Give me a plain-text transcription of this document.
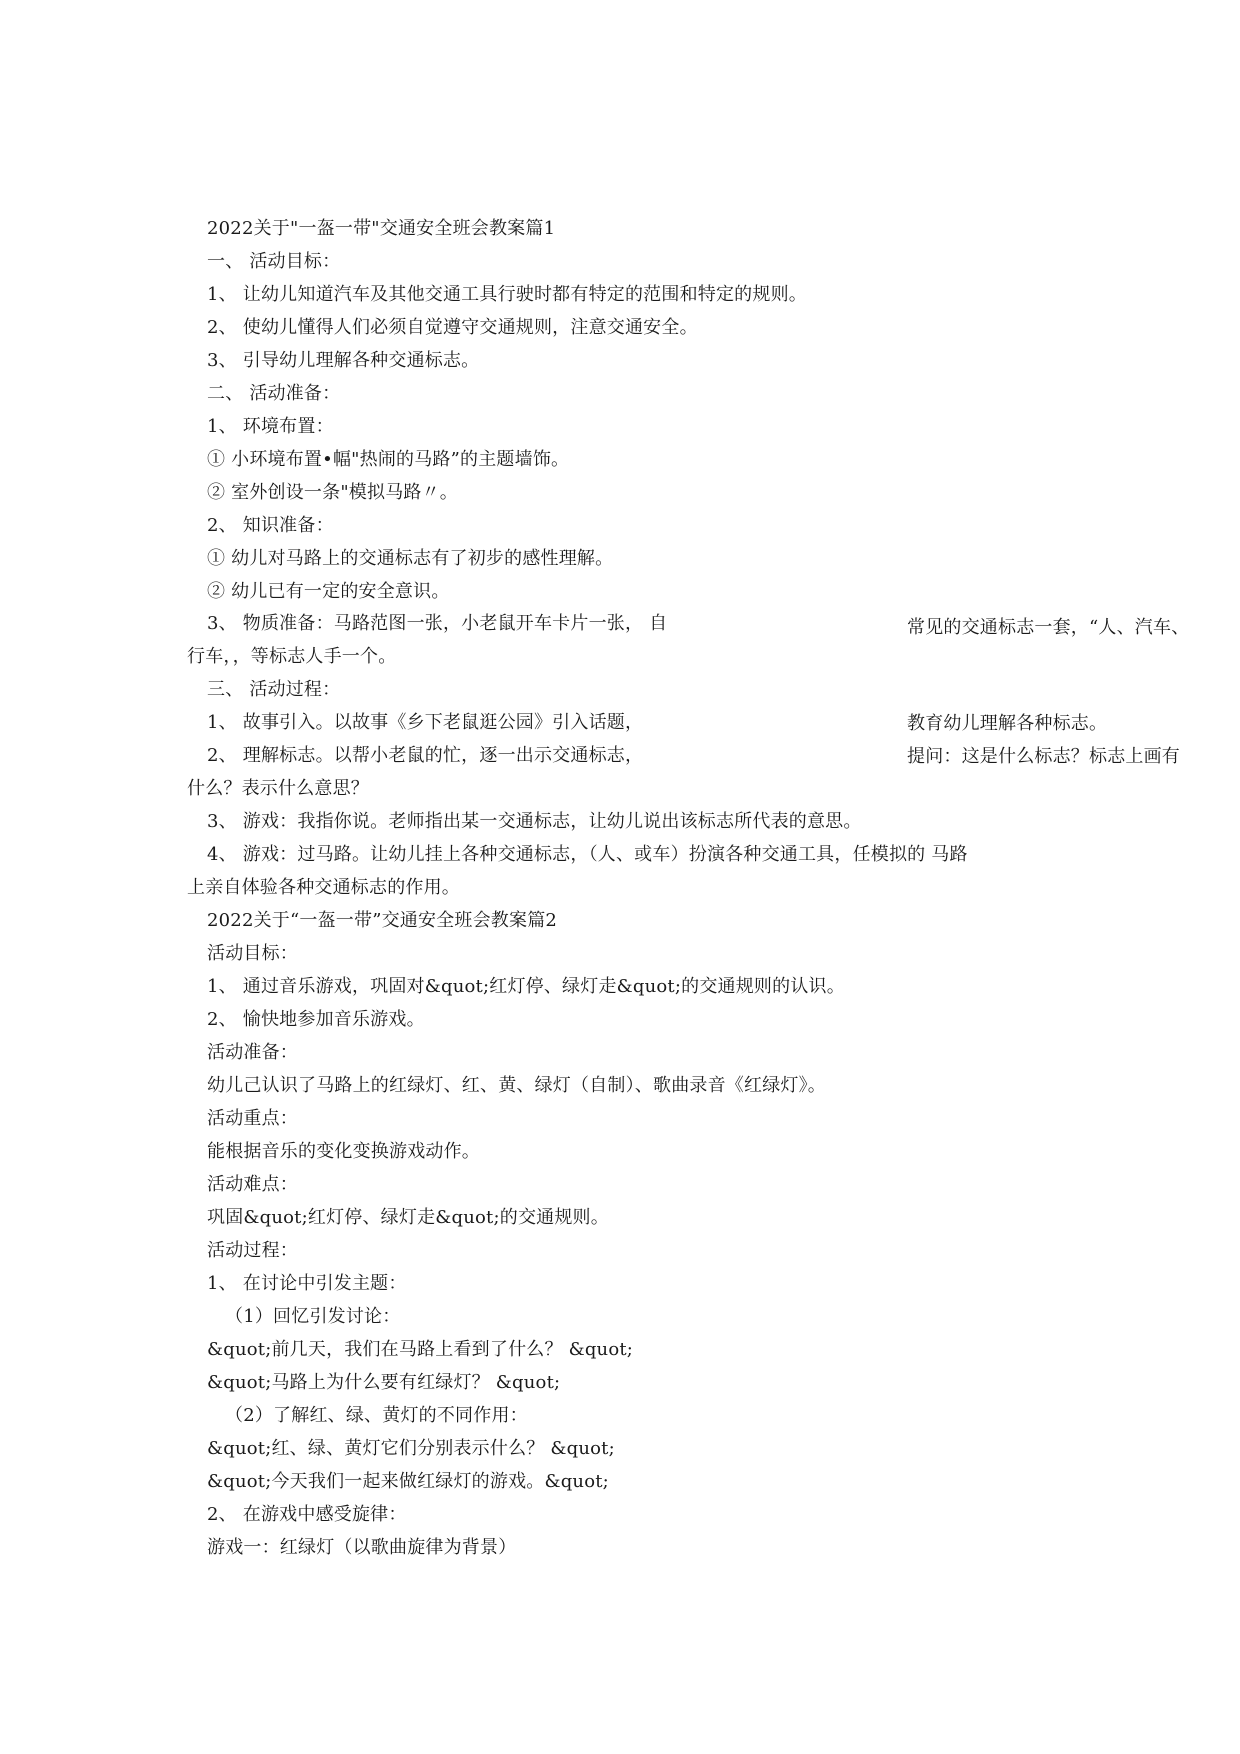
2022关于"一盔一带"交通安全班会教案篇1
一、 活动目标：
1、 让幼儿知道汽车及其他交通工具行驶时都有特定的范围和特定的规则。
2、 使幼儿懂得人们必须自觉遵守交通规则，注意交通安全。
3、 引导幼儿理解各种交通标志。
二、 活动准备：
1、 环境布置：
① 小环境布置•幅"热闹的马路”的主题墙饰。
② 室外创设一条"模拟马路〃。
2、 知识准备：
① 幼儿对马路上的交通标志有了初步的感性理解。
② 幼儿已有一定的安全意识。
3、 物质准备：马路范图一张，小老鼠开车卡片一张， 自	常见的交通标志一套，“人、汽车、
行车，，等标志人手一个。
三、 活动过程：
1、 故事引入。以故事《乡下老鼠逛公园》引入话题，	教育幼儿理解各种标志。
2、 理解标志。以帮小老鼠的忙，逐一出示交通标志，	提问：这是什么标志？标志上画有
什么？表示什么意思？
3、 游戏：我指你说。老师指出某一交通标志，让幼儿说出该标志所代表的意思。
4、 游戏：过马路。让幼儿挂上各种交通标志，（人、或车）扮演各种交通工具，任模拟的 马路
上亲自体验各种交通标志的作用。
2022关于“一盔一带”交通安全班会教案篇2
活动目标：
1、 通过音乐游戏，巩固对&quot;红灯停、绿灯走&quot;的交通规则的认识。
2、 愉快地参加音乐游戏。
活动准备：
幼儿己认识了马路上的红绿灯、红、黄、绿灯（自制）、歌曲录音《红绿灯》。
活动重点：
能根据音乐的变化变换游戏动作。
活动难点：
巩固&quot;红灯停、绿灯走&quot;的交通规则。
活动过程：
1、 在讨论中引发主题：
（1）回忆引发讨论：
&quot;前几天，我们在马路上看到了什么？ &quot;
&quot;马路上为什么要有红绿灯？ &quot;
（2）了解红、绿、黄灯的不同作用：
&quot;红、绿、黄灯它们分别表示什么？ &quot;
&quot;今天我们一起来做红绿灯的游戏。&quot;
2、 在游戏中感受旋律：
游戏一：红绿灯（以歌曲旋律为背景）
